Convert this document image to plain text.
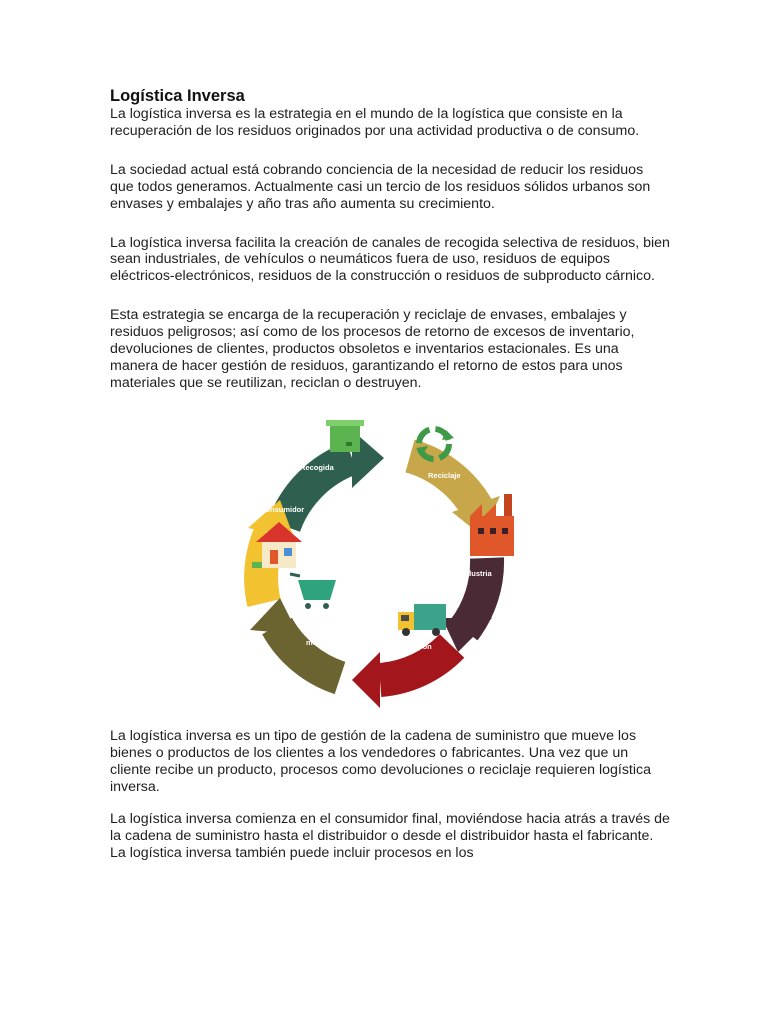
Logística Inversa

La logística inversa es la estrategia en el mundo de la logística que consiste en la recuperación de los residuos originados por una actividad productiva o de consumo.

La sociedad actual está cobrando conciencia de la necesidad de reducir los residuos que todos generamos. Actualmente casi un tercio de los residuos sólidos urbanos son envases y embalajes y año tras año aumenta su crecimiento.

La logística inversa facilita la creación de canales de recogida selectiva de residuos, bien sean industriales, de vehículos o neumáticos fuera de uso, residuos de equipos eléctricos-electrónicos, residuos de la construcción o residuos de subproducto cárnico.

Esta estrategia se encarga de la recuperación y reciclaje de envases, embalajes y residuos peligrosos; así como de los procesos de retorno de excesos de inventario, devoluciones de clientes, productos obsoletos e inventarios estacionales. Es una manera de hacer gestión de residuos, garantizando el retorno de estos para unos materiales que se reutilizan, reciclan o destruyen.

Recogida
Reciclaje
Industria
Distribución
Venta al por menor
Consumidor

La logística inversa es un tipo de gestión de la cadena de suministro que mueve los bienes o productos de los clientes a los vendedores o fabricantes. Una vez que un cliente recibe un producto, procesos como devoluciones o reciclaje requieren logística inversa.

La logística inversa comienza en el consumidor final, moviéndose hacia atrás a través de la cadena de suministro hasta el distribuidor o desde el distribuidor hasta el fabricante. La logística inversa también puede incluir procesos en los
